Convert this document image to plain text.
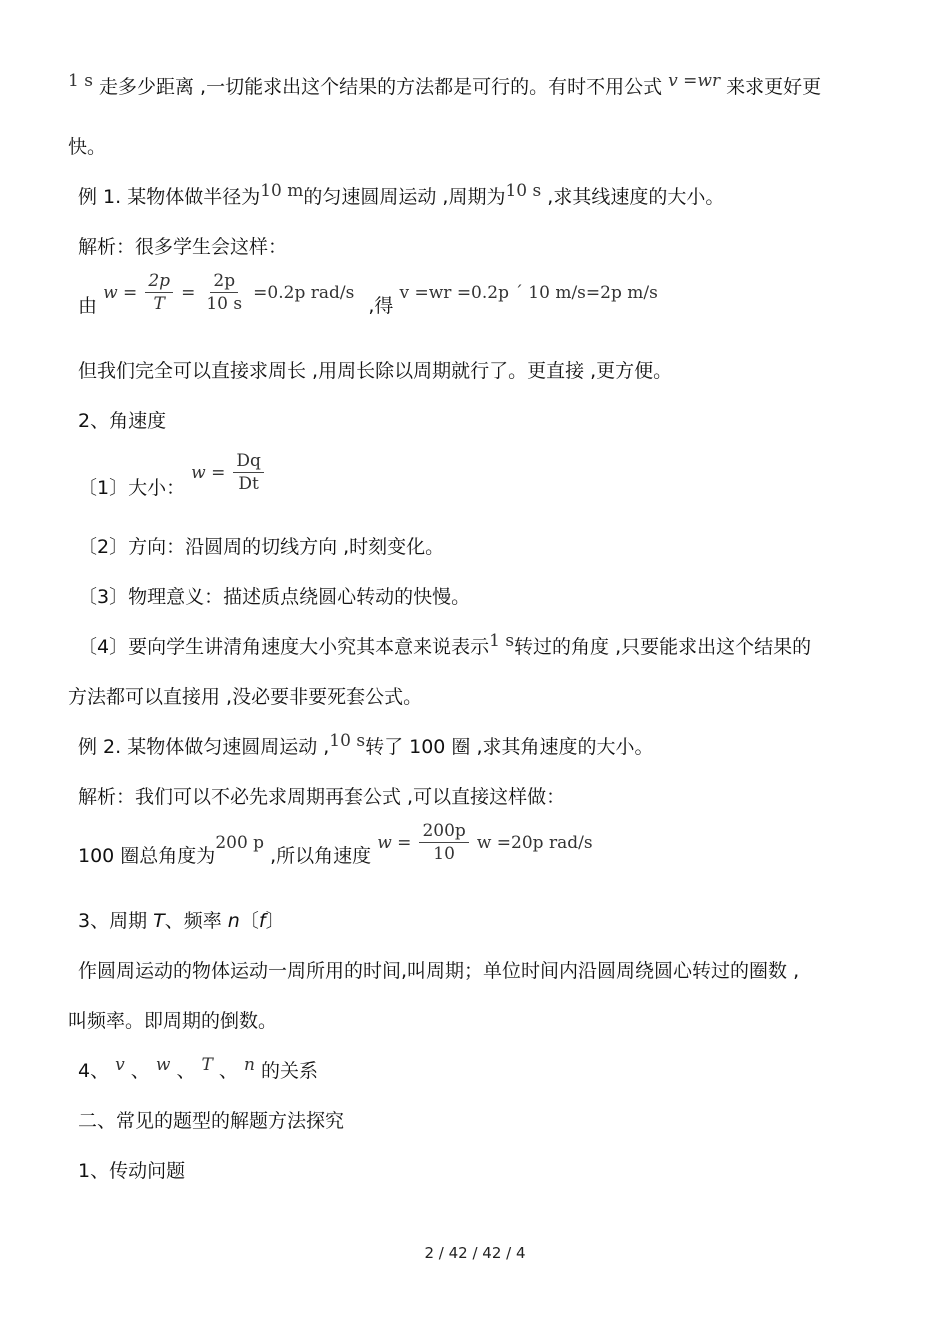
1 s 走多少距离 ,一切能求出这个结果的方法都是可行的。有时不用公式 v =wr 来求更好更
快。
例 1. 某物体做半径为10 m的匀速圆周运动 ,周期为10 s ,求其线速度的大小。
解析：很多学生会这样：
由 $w = \frac{2p}{T} = \frac{2p}{10 s} =0.2p$ rad/s ,得 v =wr =0.2p ´ 10 m/s=2p m/s
但我们完全可以直接求周长 ,用周长除以周期就行了。更直接 ,更方便。
2、角速度
〔1〕大小： $w = \frac{Dq}{Dt}$
〔2〕方向：沿圆周的切线方向 ,时刻变化。
〔3〕物理意义：描述质点绕圆心转动的快慢。
〔4〕要向学生讲清角速度大小究其本意来说表示1 s转过的角度 ,只要能求出这个结果的
方法都可以直接用 ,没必要非要死套公式。
例 2. 某物体做匀速圆周运动 ,10 s转了 100 圈 ,求其角速度的大小。
解析：我们可以不必先求周期再套公式 ,可以直接这样做：
100 圈总角度为200 p ,所以角速度 $w = \frac{200p}{10}$ w =20p rad/s
3、周期 T、频率 n〔f〕
作圆周运动的物体运动一周所用的时间,叫周期；单位时间内沿圆周绕圆心转过的圈数 ,
叫频率。即周期的倒数。
4、 v 、 w 、 T 、 n 的关系
二、常见的题型的解题方法探究
1、传动问题
2 / 42 / 42 / 4
